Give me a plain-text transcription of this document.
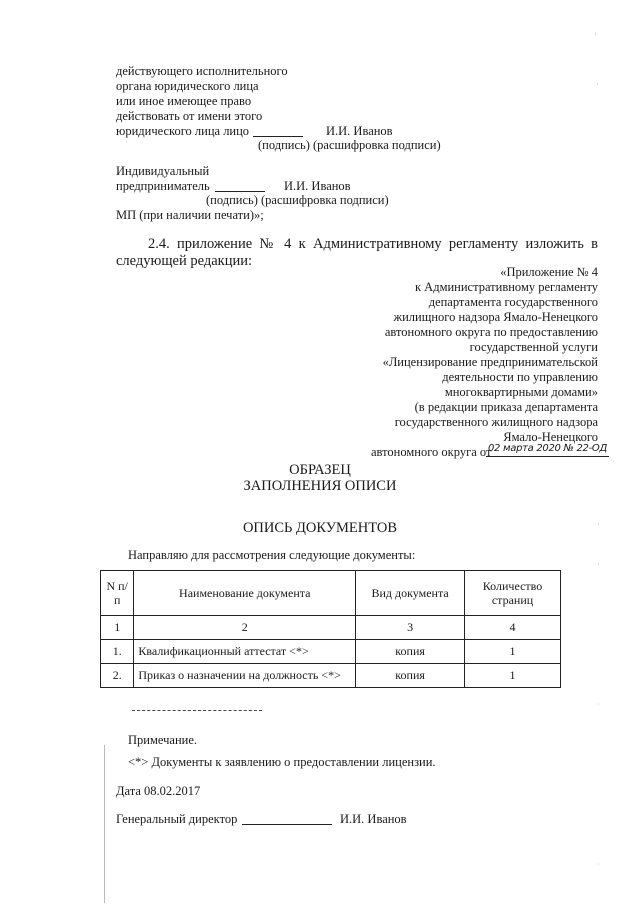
действующего исполнительного
органа юридического лица
или иное имеющее право
действовать от имени этого
юридического лица лицо	И.И. Иванов
(подпись) (расшифровка подписи)
Индивидуальный
предприниматель	И.И. Иванов
(подпись) (расшифровка подписи)
МП (при наличии печати)»;
2.4. приложение № 4 к Административному регламенту изложить в
следующей редакции:
«Приложение № 4
к Административному регламенту
департамента государственного
жилищного надзора Ямало-Ненецкого
автономного округа по предоставлению
государственной услуги
«Лицензирование предпринимательской
деятельности по управлению
многоквартирными домами»
(в редакции приказа департамента
государственного жилищного надзора
Ямало-Ненецкого
автономного округа от
02 марта 2020 № 22-ОД
ОБРАЗЕЦ
ЗАПОЛНЕНИЯ ОПИСИ
ОПИСЬ ДОКУМЕНТОВ
Направляю для рассмотрения следующие документы:
N п/п	Наименование документа	Вид документа	Количество страниц
1	2	3	4
1.	Квалификационный аттестат <*>	копия	1
2.	Приказ о назначении на должность <*>	копия	1
Примечание.
<*> Документы к заявлению о предоставлении лицензии.
Дата 08.02.2017
Генеральный директор	И.И. Иванов
·
·
·
·
·
·
